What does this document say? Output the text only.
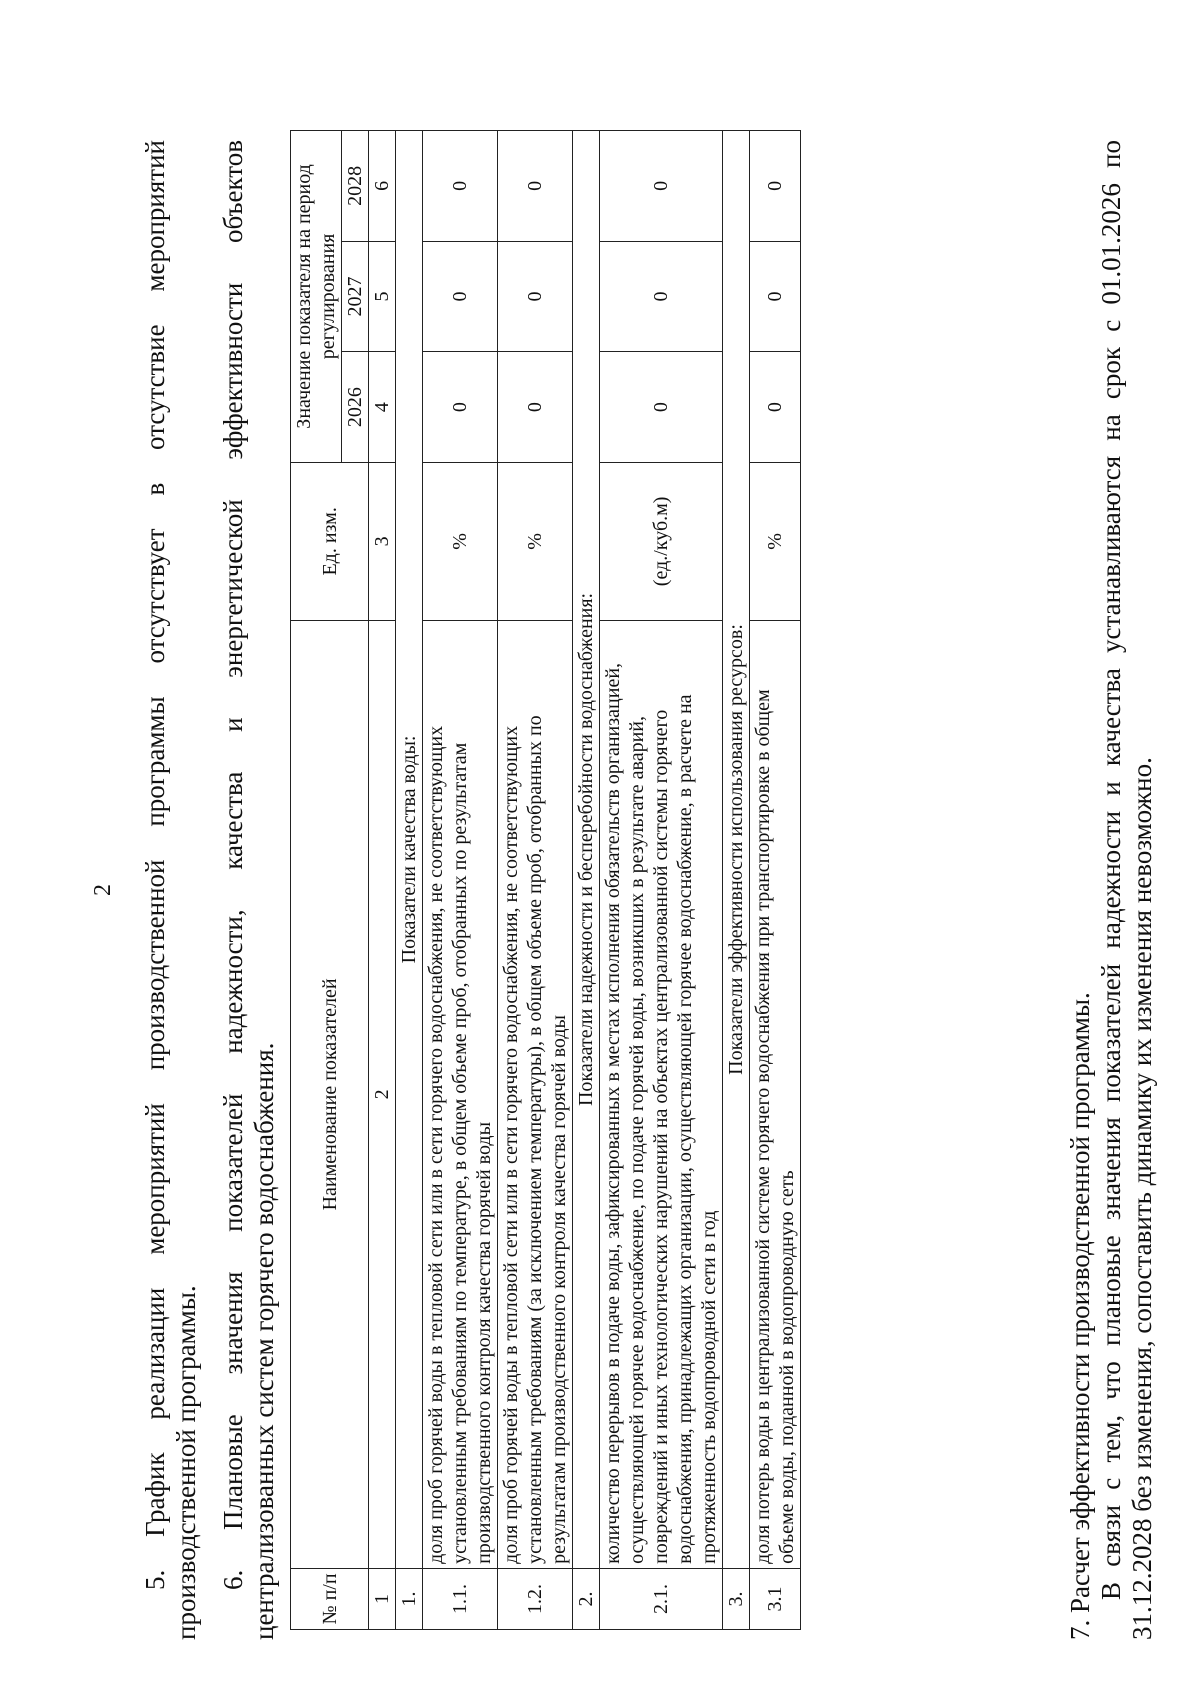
2 5. График реализации мероприятий производственной программы отсутствует в отсутствие мероприятий производственной программы. 6. Плановые значения показателей надежности, качества и энергетической эффективности объектов централизованных систем горячего водоснабжения. № п/п	Наименование показателей	Ед. изм.	Значение показателя на период регулирования		
			2026	2027	2028
1	2	3	4	5	6
1.	Показатели качества воды:				
1.1.	доля проб горячей воды в тепловой сети или в сети горячего водоснабжения, не соответствующих установленным требованиям по температуре, в общем объеме проб, отобранных по результатам производственного контроля качества горячей воды	%	0	0	0
1.2.	доля проб горячей воды в тепловой сети или в сети горячего водоснабжения, не соответствующих установленным требованиям (за исключением температуры), в общем объеме проб, отобранных по результатам производственного контроля качества горячей воды	%	0	0	0
2.	Показатели надежности и бесперебойности водоснабжения:				
2.1.	количество перерывов в подаче воды, зафиксированных в местах исполнения обязательств организацией, осуществляющей горячее водоснабжение, по подаче горячей воды, возникших в результате аварий, повреждений и иных технологических нарушений на объектах централизованной системы горячего водоснабжения, принадлежащих организации, осуществляющей горячее водоснабжение, в расчете на протяженность водопроводной сети в год	(ед./куб.м)	0	0	0
3.	Показатели эффективности использования ресурсов:				
3.1	доля потерь воды в централизованной системе горячего водоснабжения при транспортировке в общем объеме воды, поданной в водопроводную сеть	%	0	0	0
7. Расчет эффективности производственной программы. В связи с тем, что плановые значения показателей надежности и качества устанавливаются на срок с 01.01.2026 по 31.12.2028 без изменения, сопоставить динамику их изменения невозможно.
